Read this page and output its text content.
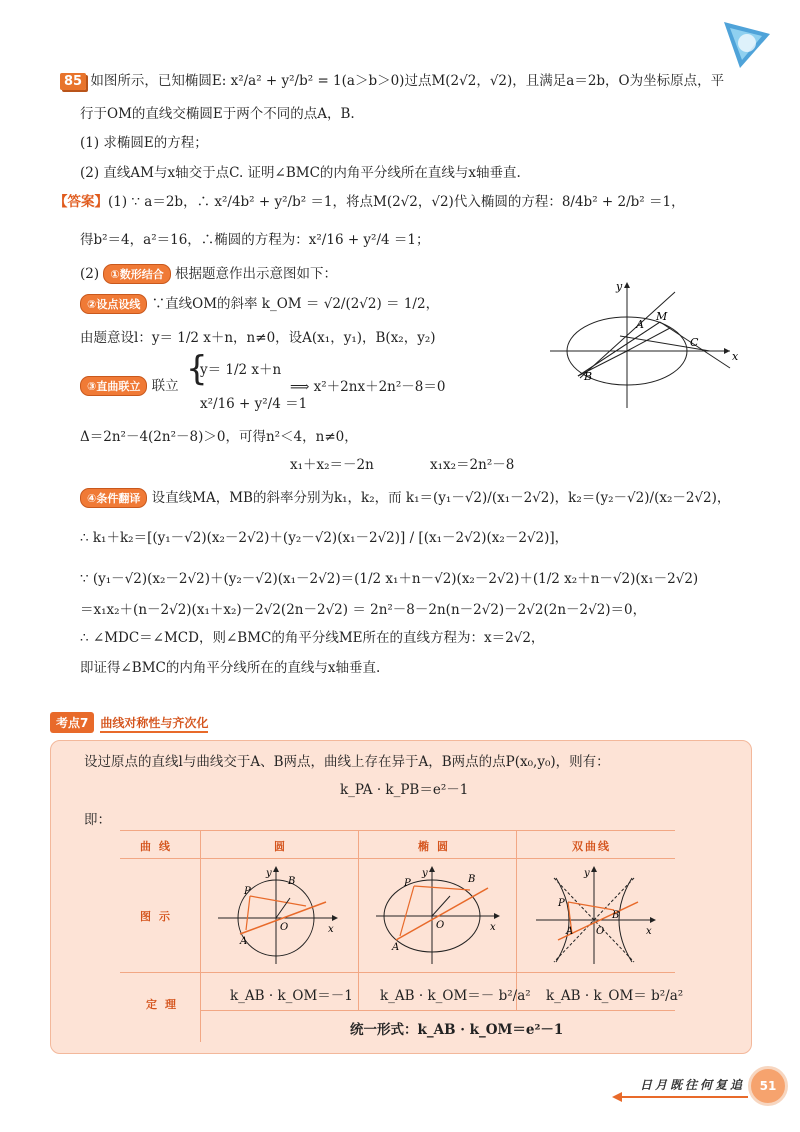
85 如图所示，已知椭圆E: x²/a² + y²/b² = 1(a＞b＞0)过点M(2√2，√2)，且满足a＝2b，O为坐标原点，平
行于OM的直线交椭圆E于两个不同的点A，B.
(1) 求椭圆E的方程；
(2) 直线AM与x轴交于点C. 证明∠BMC的内角平分线所在直线与x轴垂直.
【答案】(1) ∵ a＝2b，∴ x²/4b² + y²/b² ＝1，将点M(2√2，√2)代入椭圆的方程：8/4b² + 2/b² ＝1，
得b²＝4，a²＝16，∴椭圆的方程为：x²/16 + y²/4 ＝1；
(2) ①数形结合 根据题意作出示意图如下：
②设点设线 ∵直线OM的斜率 k_OM ＝ √2/(2√2) ＝ 1/2，
由题意设l：y＝ 1/2 x＋n，n≠0，设A(x₁，y₁)，B(x₂，y₂)
③直曲联立 联立 {
y＝ 1/2 x＋n
x²/16 + y²/4 ＝1
⟹ x²＋2nx＋2n²－8＝0
Δ＝2n²－4(2n²－8)＞0，可得n²＜4，n≠0，
x₁＋x₂＝－2n	x₁x₂＝2n²－8
④条件翻译 设直线MA，MB的斜率分别为k₁，k₂，而 k₁＝(y₁－√2)/(x₁－2√2)，k₂＝(y₂－√2)/(x₂－2√2)，
∴ k₁＋k₂＝[(y₁－√2)(x₂－2√2)＋(y₂－√2)(x₁－2√2)] / [(x₁－2√2)(x₂－2√2)]，
∵ (y₁－√2)(x₂－2√2)＋(y₂－√2)(x₁－2√2)＝(1/2 x₁＋n－√2)(x₂－2√2)＋(1/2 x₂＋n－√2)(x₁－2√2)
＝x₁x₂＋(n－2√2)(x₁＋x₂)－2√2(2n－2√2) ＝ 2n²－8－2n(n－2√2)－2√2(2n－2√2)＝0，
∴ ∠MDC＝∠MCD，则∠BMC的角平分线ME所在的直线方程为：x＝2√2，
即证得∠BMC的内角平分线所在的直线与x轴垂直.
y
x
A
M
C
B
考点7 曲线对称性与齐次化
设过原点的直线l与曲线交于A、B两点，曲线上存在异于A，B两点的点P(x₀,y₀)，则有：
k_PA · k_PB＝e²－1
即：
曲线	圆	椭圆	双曲线
图示
定理
P
B
A
O	x
y
P	B
A
O	x
y
P
B
A O	x
y
k_AB · k_OM＝－1 k_AB · k_OM＝－ b²/a² k_AB · k_OM＝ b²/a²
统一形式：k_AB · k_OM＝e²－1
日月既往何复追	51
